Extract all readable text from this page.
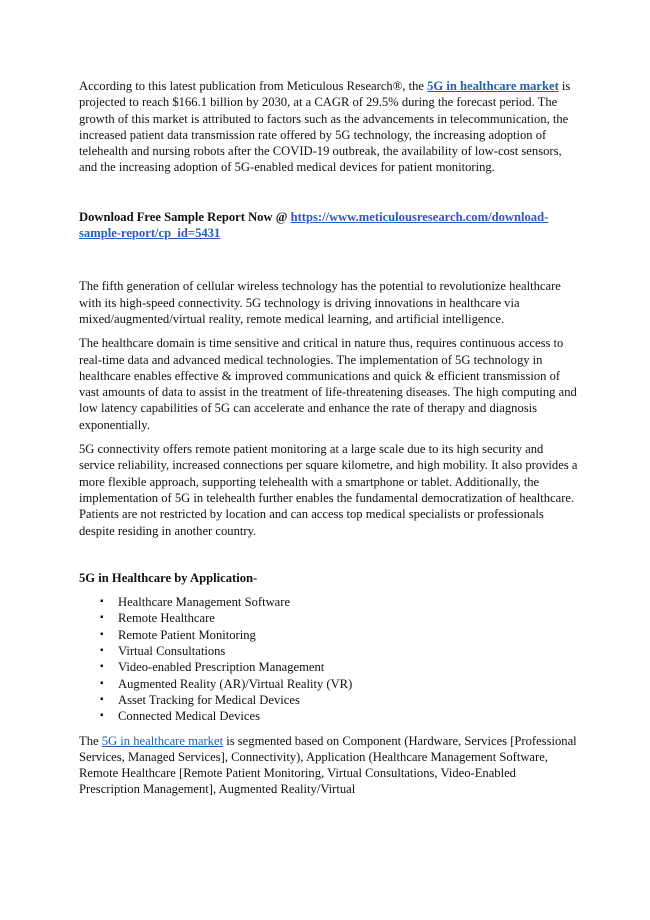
According to this latest publication from Meticulous Research®, the 5G in healthcare market is projected to reach $166.1 billion by 2030, at a CAGR of 29.5% during the forecast period. The growth of this market is attributed to factors such as the advancements in telecommunication, the increased patient data transmission rate offered by 5G technology, the increasing adoption of telehealth and nursing robots after the COVID-19 outbreak, the availability of low-cost sensors, and the increasing adoption of 5G-enabled medical devices for patient monitoring.

Download Free Sample Report Now @ https://www.meticulousresearch.com/download-sample-report/cp_id=5431

The fifth generation of cellular wireless technology has the potential to revolutionize healthcare with its high-speed connectivity. 5G technology is driving innovations in healthcare via mixed/augmented/virtual reality, remote medical learning, and artificial intelligence.

The healthcare domain is time sensitive and critical in nature thus, requires continuous access to real-time data and advanced medical technologies. The implementation of 5G technology in healthcare enables effective & improved communications and quick & efficient transmission of vast amounts of data to assist in the treatment of life-threatening diseases. The high computing and low latency capabilities of 5G can accelerate and enhance the rate of therapy and diagnosis exponentially.

5G connectivity offers remote patient monitoring at a large scale due to its high security and service reliability, increased connections per square kilometre, and high mobility. It also provides a more flexible approach, supporting telehealth with a smartphone or tablet. Additionally, the implementation of 5G in telehealth further enables the fundamental democratization of healthcare. Patients are not restricted by location and can access top medical specialists or professionals despite residing in another country.

5G in Healthcare by Application-

▪ Healthcare Management Software
▪ Remote Healthcare
▪ Remote Patient Monitoring
▪ Virtual Consultations
▪ Video-enabled Prescription Management
▪ Augmented Reality (AR)/Virtual Reality (VR)
▪ Asset Tracking for Medical Devices
▪ Connected Medical Devices

The 5G in healthcare market is segmented based on Component (Hardware, Services [Professional Services, Managed Services], Connectivity), Application (Healthcare Management Software, Remote Healthcare [Remote Patient Monitoring, Virtual Consultations, Video-Enabled Prescription Management], Augmented Reality/Virtual
